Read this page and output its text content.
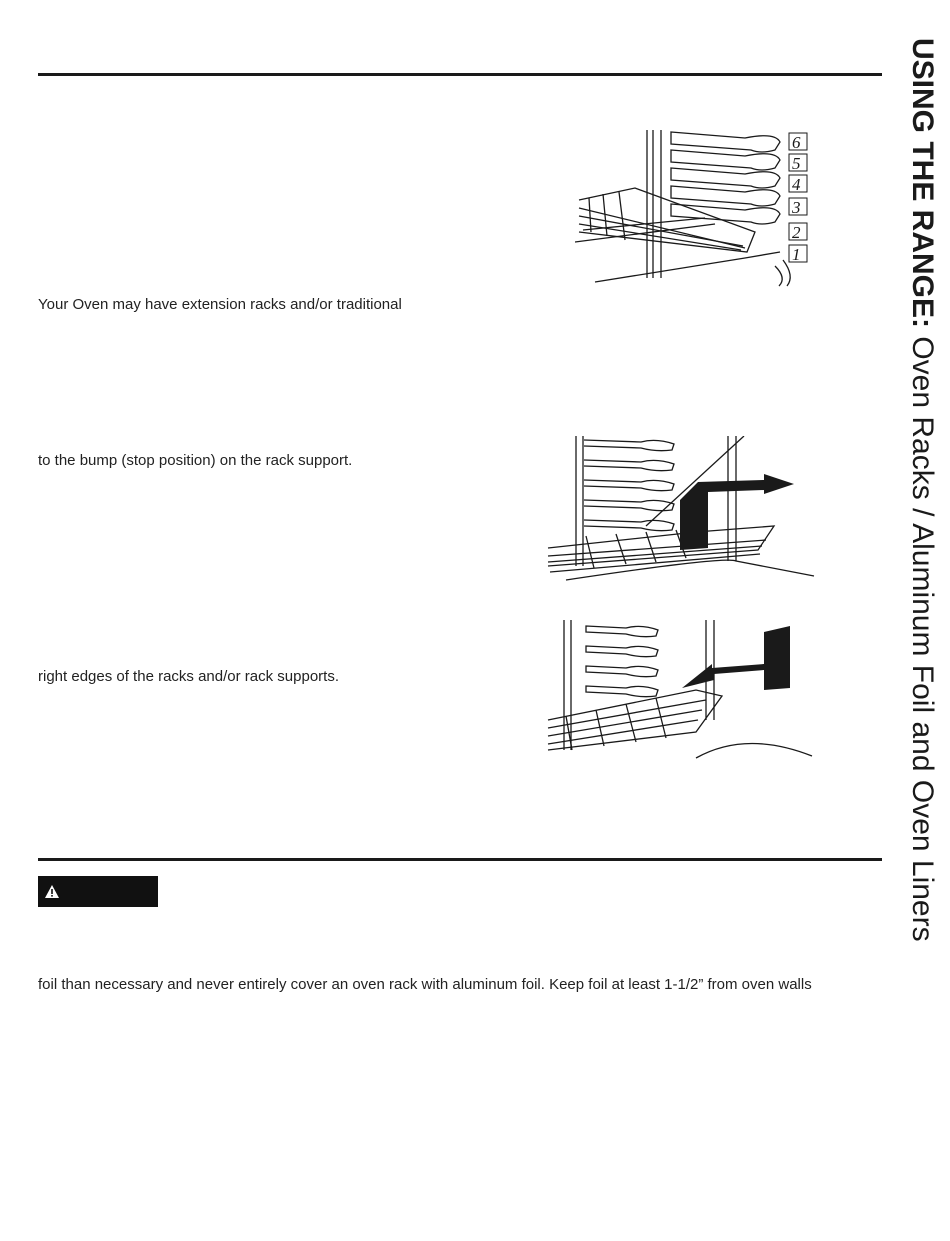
6
5
4
3
2
1
Your Oven may have extension racks and/or traditional
to the bump (stop position) on the rack support.
right edges of the racks and/or rack supports.
foil than necessary and never entirely cover an oven rack with aluminum foil. Keep foil at least 1-1/2” from oven walls
USING THE RANGE: Oven Racks / Aluminum Foil and Oven Liners
